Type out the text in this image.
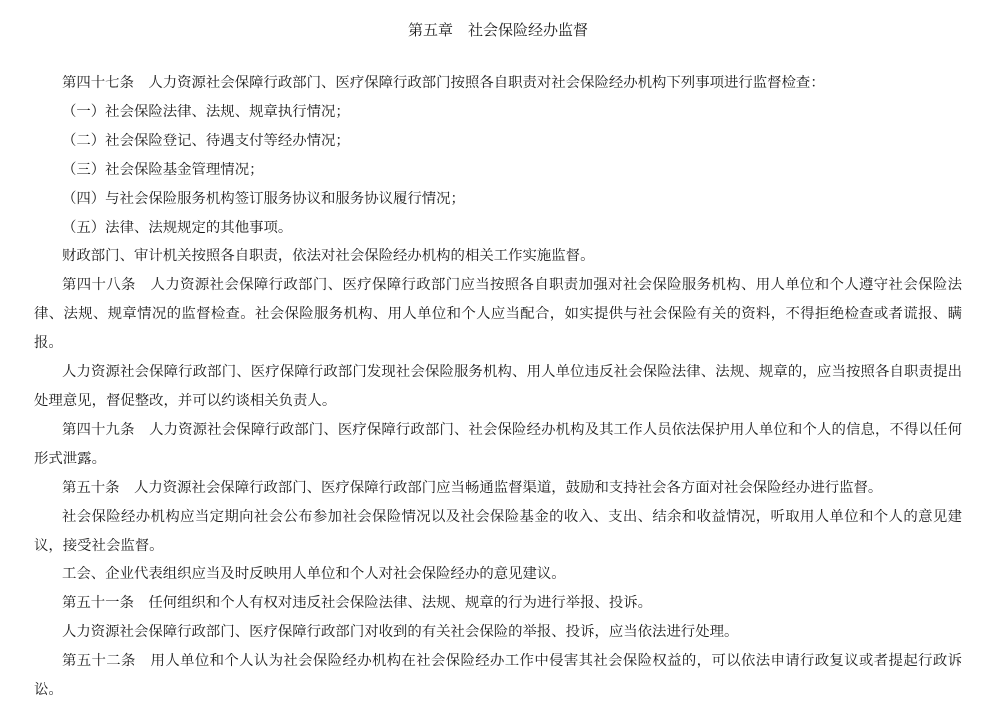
第五章　社会保险经办监督

第四十七条　人力资源社会保障行政部门、医疗保障行政部门按照各自职责对社会保险经办机构下列事项进行监督检查：

（一）社会保险法律、法规、规章执行情况；

（二）社会保险登记、待遇支付等经办情况；

（三）社会保险基金管理情况；

（四）与社会保险服务机构签订服务协议和服务协议履行情况；

（五）法律、法规规定的其他事项。

财政部门、审计机关按照各自职责，依法对社会保险经办机构的相关工作实施监督。

第四十八条　人力资源社会保障行政部门、医疗保障行政部门应当按照各自职责加强对社会保险服务机构、用人单位和个人遵守社会保险法律、法规、规章情况的监督检查。社会保险服务机构、用人单位和个人应当配合，如实提供与社会保险有关的资料，不得拒绝检查或者谎报、瞒报。

人力资源社会保障行政部门、医疗保障行政部门发现社会保险服务机构、用人单位违反社会保险法律、法规、规章的，应当按照各自职责提出处理意见，督促整改，并可以约谈相关负责人。

第四十九条　人力资源社会保障行政部门、医疗保障行政部门、社会保险经办机构及其工作人员依法保护用人单位和个人的信息，不得以任何形式泄露。

第五十条　人力资源社会保障行政部门、医疗保障行政部门应当畅通监督渠道，鼓励和支持社会各方面对社会保险经办进行监督。

社会保险经办机构应当定期向社会公布参加社会保险情况以及社会保险基金的收入、支出、结余和收益情况，听取用人单位和个人的意见建议，接受社会监督。

工会、企业代表组织应当及时反映用人单位和个人对社会保险经办的意见建议。

第五十一条　任何组织和个人有权对违反社会保险法律、法规、规章的行为进行举报、投诉。

人力资源社会保障行政部门、医疗保障行政部门对收到的有关社会保险的举报、投诉，应当依法进行处理。

第五十二条　用人单位和个人认为社会保险经办机构在社会保险经办工作中侵害其社会保险权益的，可以依法申请行政复议或者提起行政诉讼。
